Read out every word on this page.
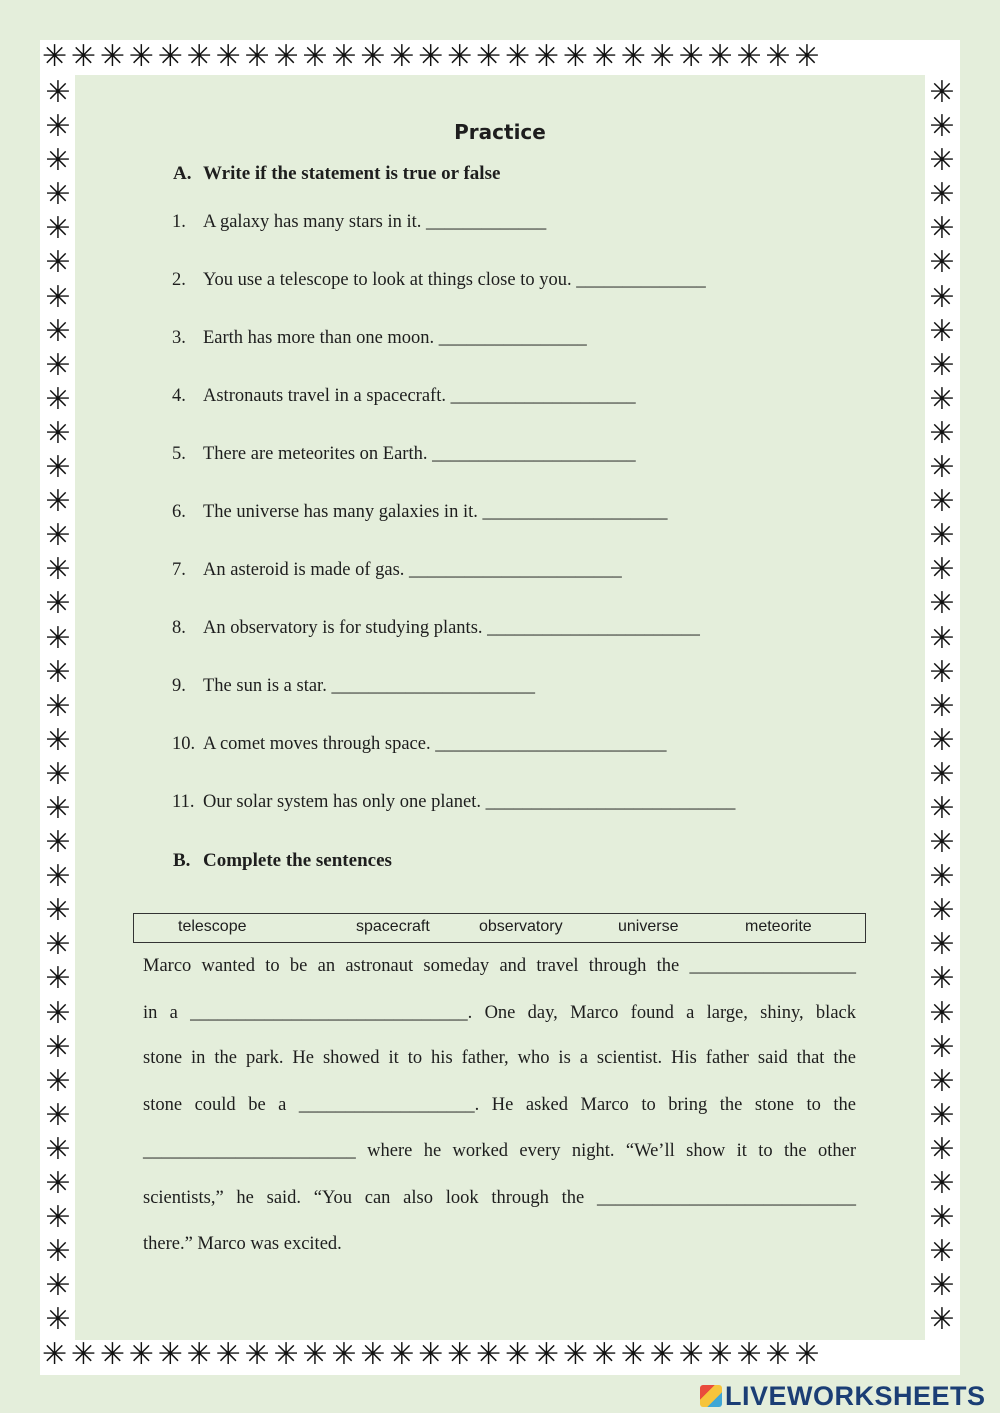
✳✳✳✳✳✳✳✳✳✳✳✳✳✳✳✳✳✳✳✳✳✳✳✳✳✳✳
✳✳✳✳✳✳✳✳✳✳✳✳✳✳✳✳✳✳✳✳✳✳✳✳✳✳✳
✳
✳
✳
✳
✳
✳
✳
✳
✳
✳
✳
✳
✳
✳
✳
✳
✳
✳
✳
✳
✳
✳
✳
✳
✳
✳
✳
✳
✳
✳
✳
✳
✳
✳
✳
✳
✳
✳
✳
✳
✳
✳
✳
✳
✳
✳
✳
✳
✳
✳
✳
✳
✳
✳
✳
✳
✳
✳
✳
✳
✳
✳
✳
✳
✳
✳
✳
✳
✳
✳
✳
✳
✳
✳
Practice
A. Write if the statement is true or false
1. A galaxy has many stars in it. _____________
2. You use a telescope to look at things close to you. ______________
3. Earth has more than one moon. ________________
4. Astronauts travel in a spacecraft. ____________________
5. There are meteorites on Earth. ______________________
6. The universe has many galaxies in it. ____________________
7. An asteroid is made of gas. _______________________
8. An observatory is for studying plants. _______________________
9. The sun is a star. ______________________
10. A comet moves through space. _________________________
11. Our solar system has only one planet. ___________________________
B. Complete the sentences
telescope	spacecraft	observatory	universe	meteorite
Marco wanted to be an astronaut someday and travel through the __________________
in a ______________________________. One day, Marco found a large, shiny, black
stone in the park. He showed it to his father, who is a scientist. His father said that the
stone could be a ___________________. He asked Marco to bring the stone to the
_______________________ where he worked every night. “We’ll show it to the other
scientists,” he said. “You can also look through the ____________________________
there.” Marco was excited.
LIVEWORKSHEETS
